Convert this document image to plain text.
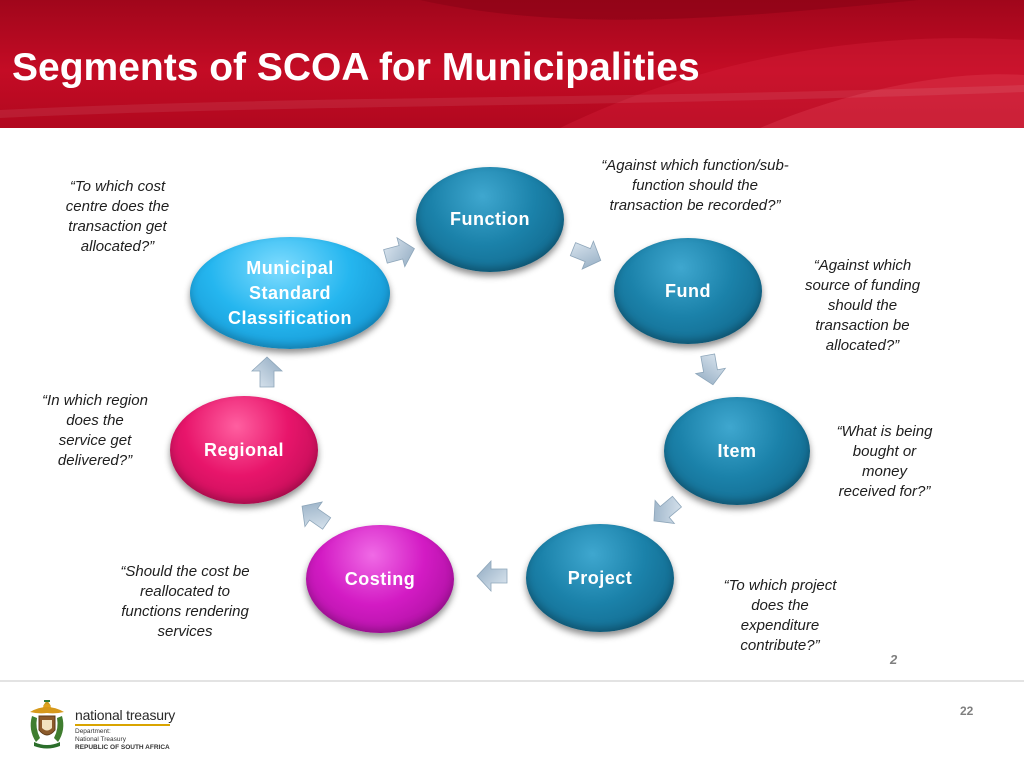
Segments of SCOA for Municipalities
Function
Fund
Item
Project
Costing
Regional
Municipal
Standard
Classification
“Against which function/sub-
function should the
transaction be recorded?”
“Against which
source of funding
should the
transaction be
allocated?”
“What is being
bought or
money
received for?”
“To which project
does the
expenditure
contribute?”
“Should the cost be
reallocated to
functions rendering
services
“In which region
does the
service get
delivered?”
“To which cost
centre does the
transaction get
allocated?”
2
national treasury
Department:
National Treasury
REPUBLIC OF SOUTH AFRICA
22
